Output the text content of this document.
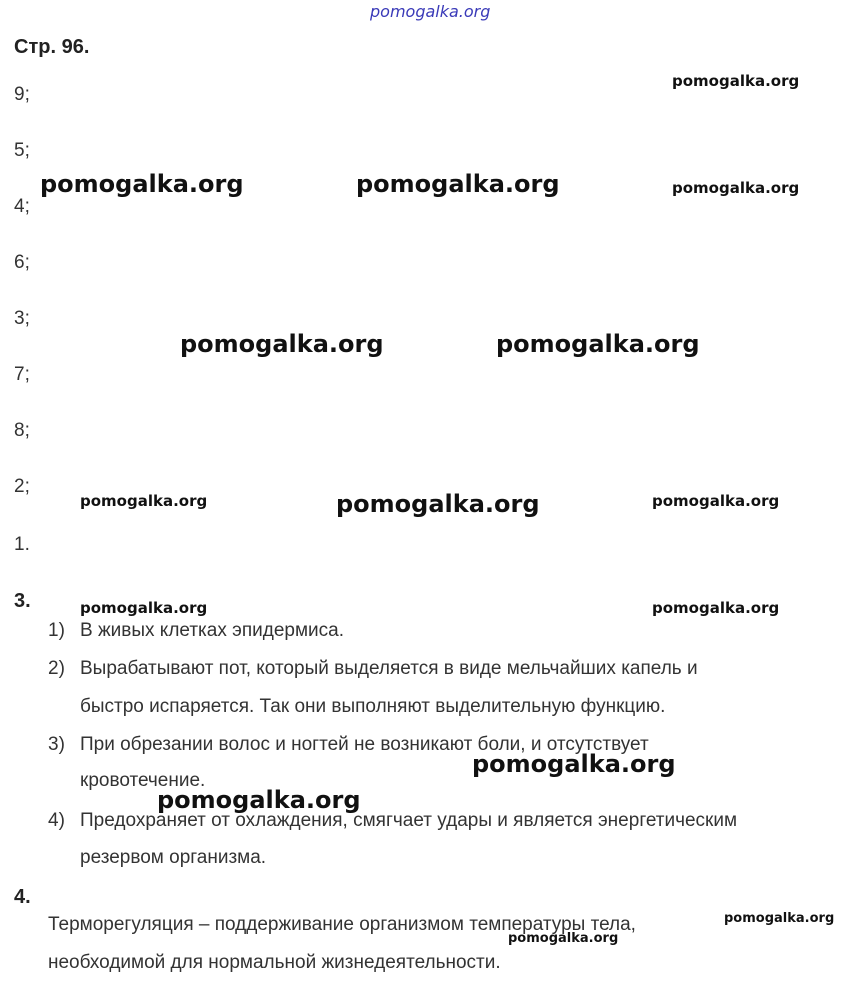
pomogalka.org
Стр. 96.
9;
5;
4;
6;
3;
7;
8;
2;
1.
3.
1) В живых клетках эпидермиса.
2) Вырабатывают пот, который выделяется в виде мельчайших капель и
быстро испаряется. Так они выполняют выделительную функцию.
3) При обрезании волос и ногтей не возникают боли, и отсутствует
кровотечение.
4) Предохраняет от охлаждения, смягчает удары и является энергетическим
резервом организма.
4.
Терморегуляция – поддерживание организмом температуры тела,
необходимой для нормальной жизнедеятельности.
pomogalka.org
pomogalka.org	pomogalka.org	pomogalka.org
pomogalka.org	pomogalka.org
pomogalka.org	pomogalka.org	pomogalka.org
pomogalka.org	pomogalka.org
pomogalka.org
pomogalka.org
pomogalka.org
pomogalka.org
